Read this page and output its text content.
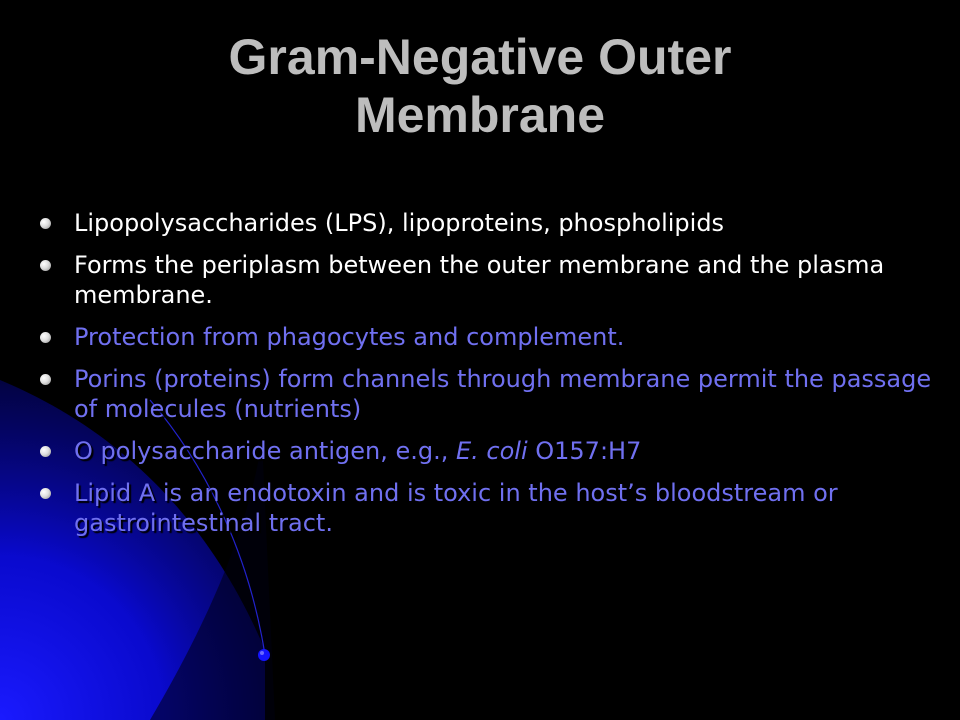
Gram-Negative Outer
Membrane
Lipopolysaccharides (LPS), lipoproteins, phospholipids
Forms the periplasm between the outer membrane and the plasma membrane.
Protection from phagocytes and complement.
Porins (proteins) form channels through membrane permit the passage of molecules (nutrients)
O polysaccharide antigen, e.g., E. coli O157:H7
Lipid A is an endotoxin and is toxic in the host’s bloodstream or gastrointestinal tract.
